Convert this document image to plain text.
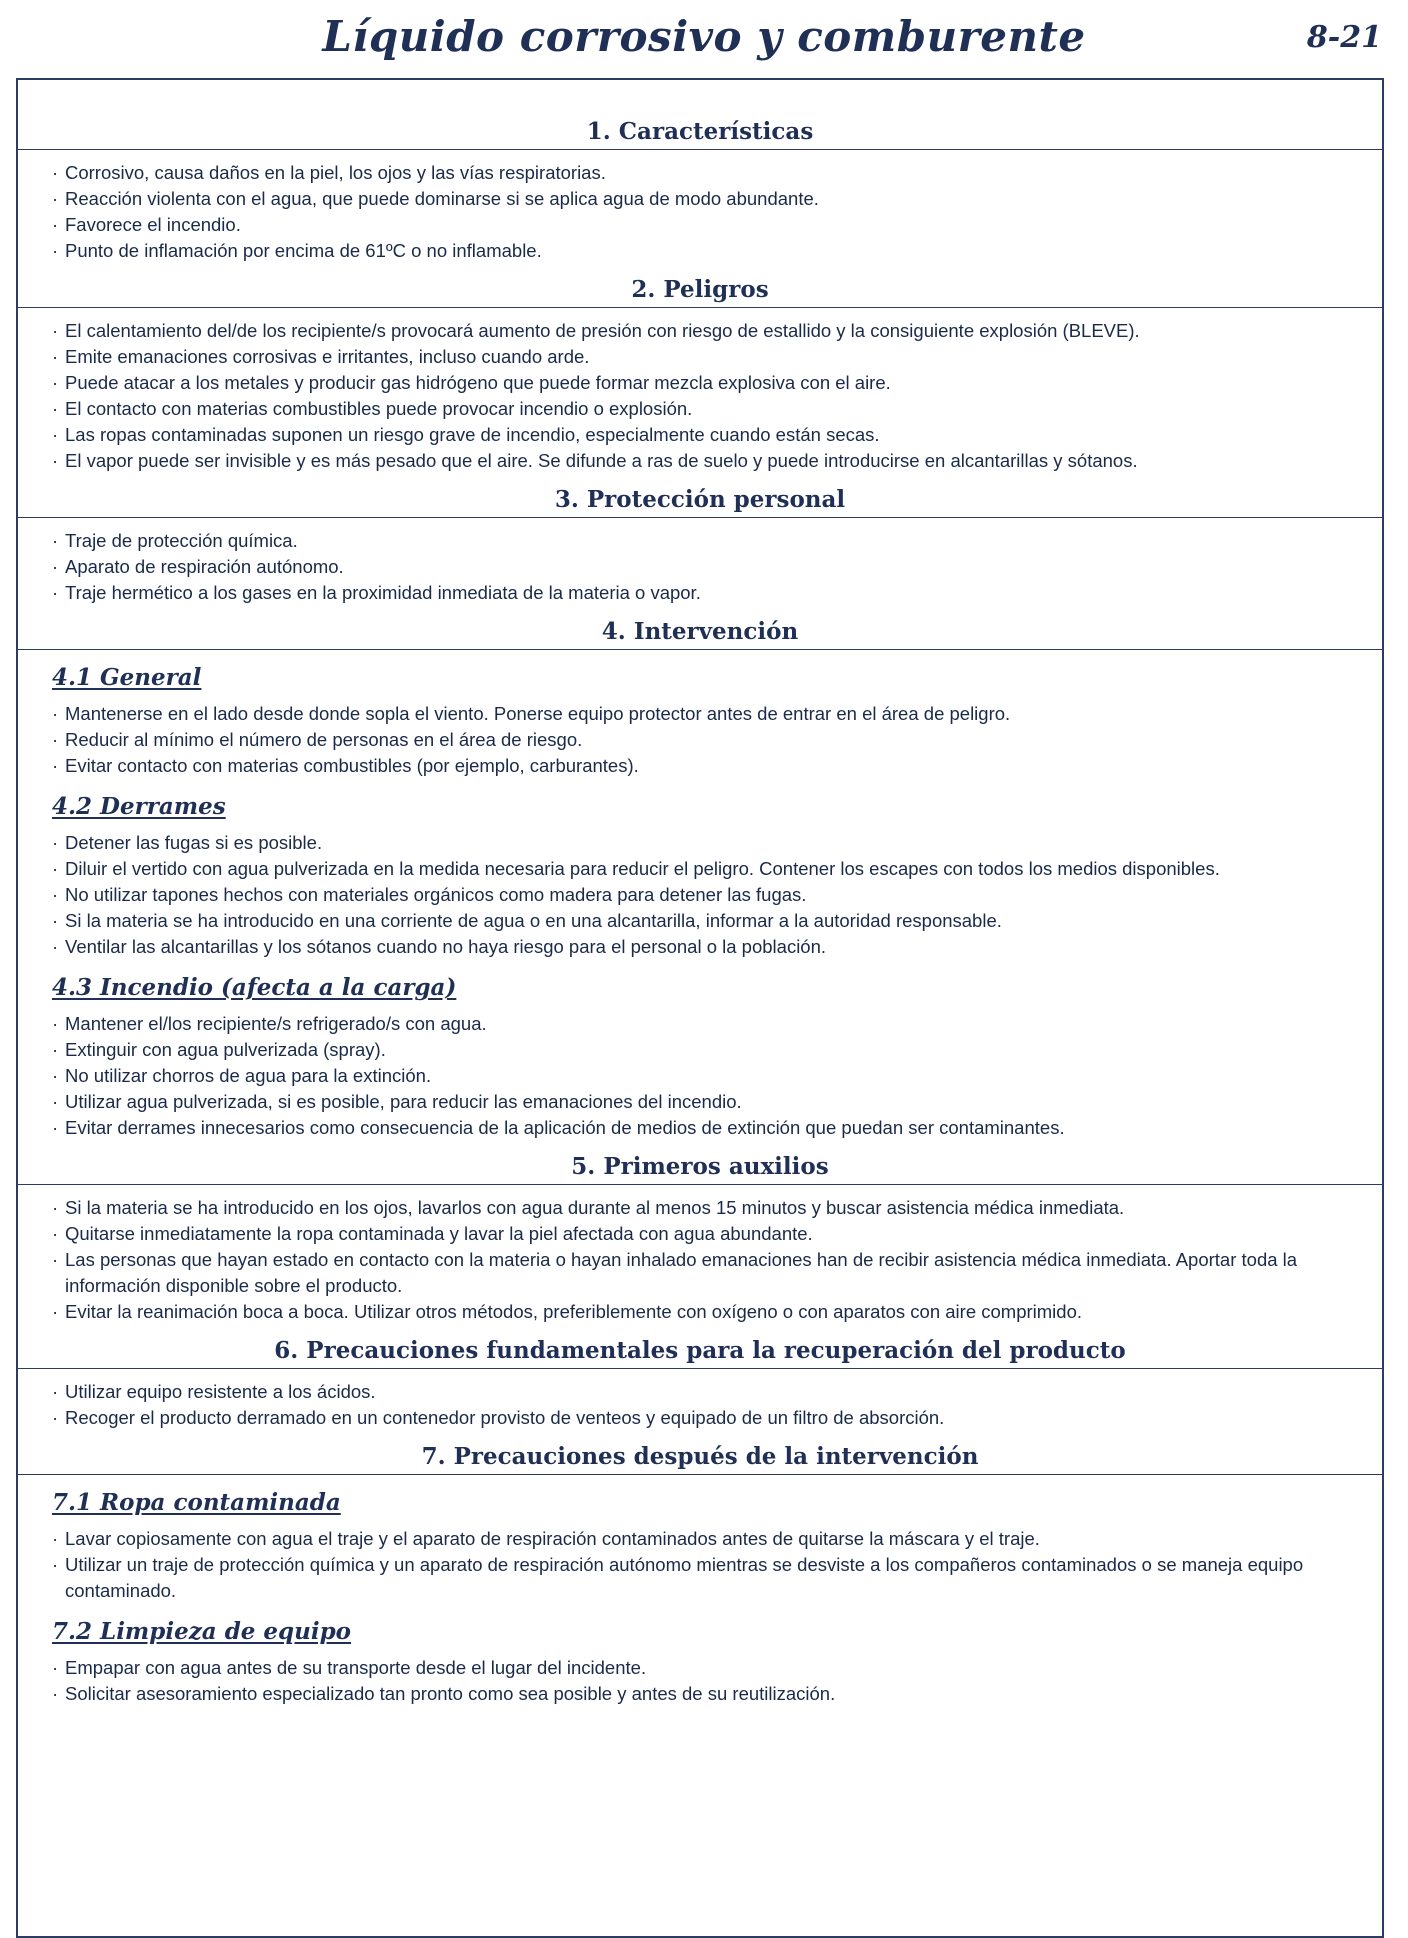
Líquido corrosivo y comburente	8-21
1. Características
· Corrosivo, causa daños en la piel, los ojos y las vías respiratorias.
· Reacción violenta con el agua, que puede dominarse si se aplica agua de modo abundante.
· Favorece el incendio.
· Punto de inflamación por encima de 61ºC o no inflamable.
2. Peligros
· El calentamiento del/de los recipiente/s provocará aumento de presión con riesgo de estallido y la consiguiente explosión (BLEVE).
· Emite emanaciones corrosivas e irritantes, incluso cuando arde.
· Puede atacar a los metales y producir gas hidrógeno que puede formar mezcla explosiva con el aire.
· El contacto con materias combustibles puede provocar incendio o explosión.
· Las ropas contaminadas suponen un riesgo grave de incendio, especialmente cuando están secas.
· El vapor puede ser invisible y es más pesado que el aire. Se difunde a ras de suelo y puede introducirse en alcantarillas y sótanos.
3. Protección personal
· Traje de protección química.
· Aparato de respiración autónomo.
· Traje hermético a los gases en la proximidad inmediata de la materia o vapor.
4. Intervención
4.1 General
· Mantenerse en el lado desde donde sopla el viento. Ponerse equipo protector antes de entrar en el área de peligro.
· Reducir al mínimo el número de personas en el área de riesgo.
· Evitar contacto con materias combustibles (por ejemplo, carburantes).
4.2 Derrames
· Detener las fugas si es posible.
· Diluir el vertido con agua pulverizada en la medida necesaria para reducir el peligro. Contener los escapes con todos los medios disponibles.
· No utilizar tapones hechos con materiales orgánicos como madera para detener las fugas.
· Si la materia se ha introducido en una corriente de agua o en una alcantarilla, informar a la autoridad responsable.
· Ventilar las alcantarillas y los sótanos cuando no haya riesgo para el personal o la población.
4.3 Incendio (afecta a la carga)
· Mantener el/los recipiente/s refrigerado/s con agua.
· Extinguir con agua pulverizada (spray).
· No utilizar chorros de agua para la extinción.
· Utilizar agua pulverizada, si es posible, para reducir las emanaciones del incendio.
· Evitar derrames innecesarios como consecuencia de la aplicación de medios de extinción que puedan ser contaminantes.
5. Primeros auxilios
· Si la materia se ha introducido en los ojos, lavarlos con agua durante al menos 15 minutos y buscar asistencia médica inmediata.
· Quitarse inmediatamente la ropa contaminada y lavar la piel afectada con agua abundante.
· Las personas que hayan estado en contacto con la materia o hayan inhalado emanaciones han de recibir asistencia médica inmediata. Aportar toda la información disponible sobre el producto.
· Evitar la reanimación boca a boca. Utilizar otros métodos, preferiblemente con oxígeno o con aparatos con aire comprimido.
6. Precauciones fundamentales para la recuperación del producto
· Utilizar equipo resistente a los ácidos.
· Recoger el producto derramado en un contenedor provisto de venteos y equipado de un filtro de absorción.
7. Precauciones después de la intervención
7.1 Ropa contaminada
· Lavar copiosamente con agua el traje y el aparato de respiración contaminados antes de quitarse la máscara y el traje.
· Utilizar un traje de protección química y un aparato de respiración autónomo mientras se desviste a los compañeros contaminados o se maneja equipo contaminado.
7.2 Limpieza de equipo
· Empapar con agua antes de su transporte desde el lugar del incidente.
· Solicitar asesoramiento especializado tan pronto como sea posible y antes de su reutilización.
